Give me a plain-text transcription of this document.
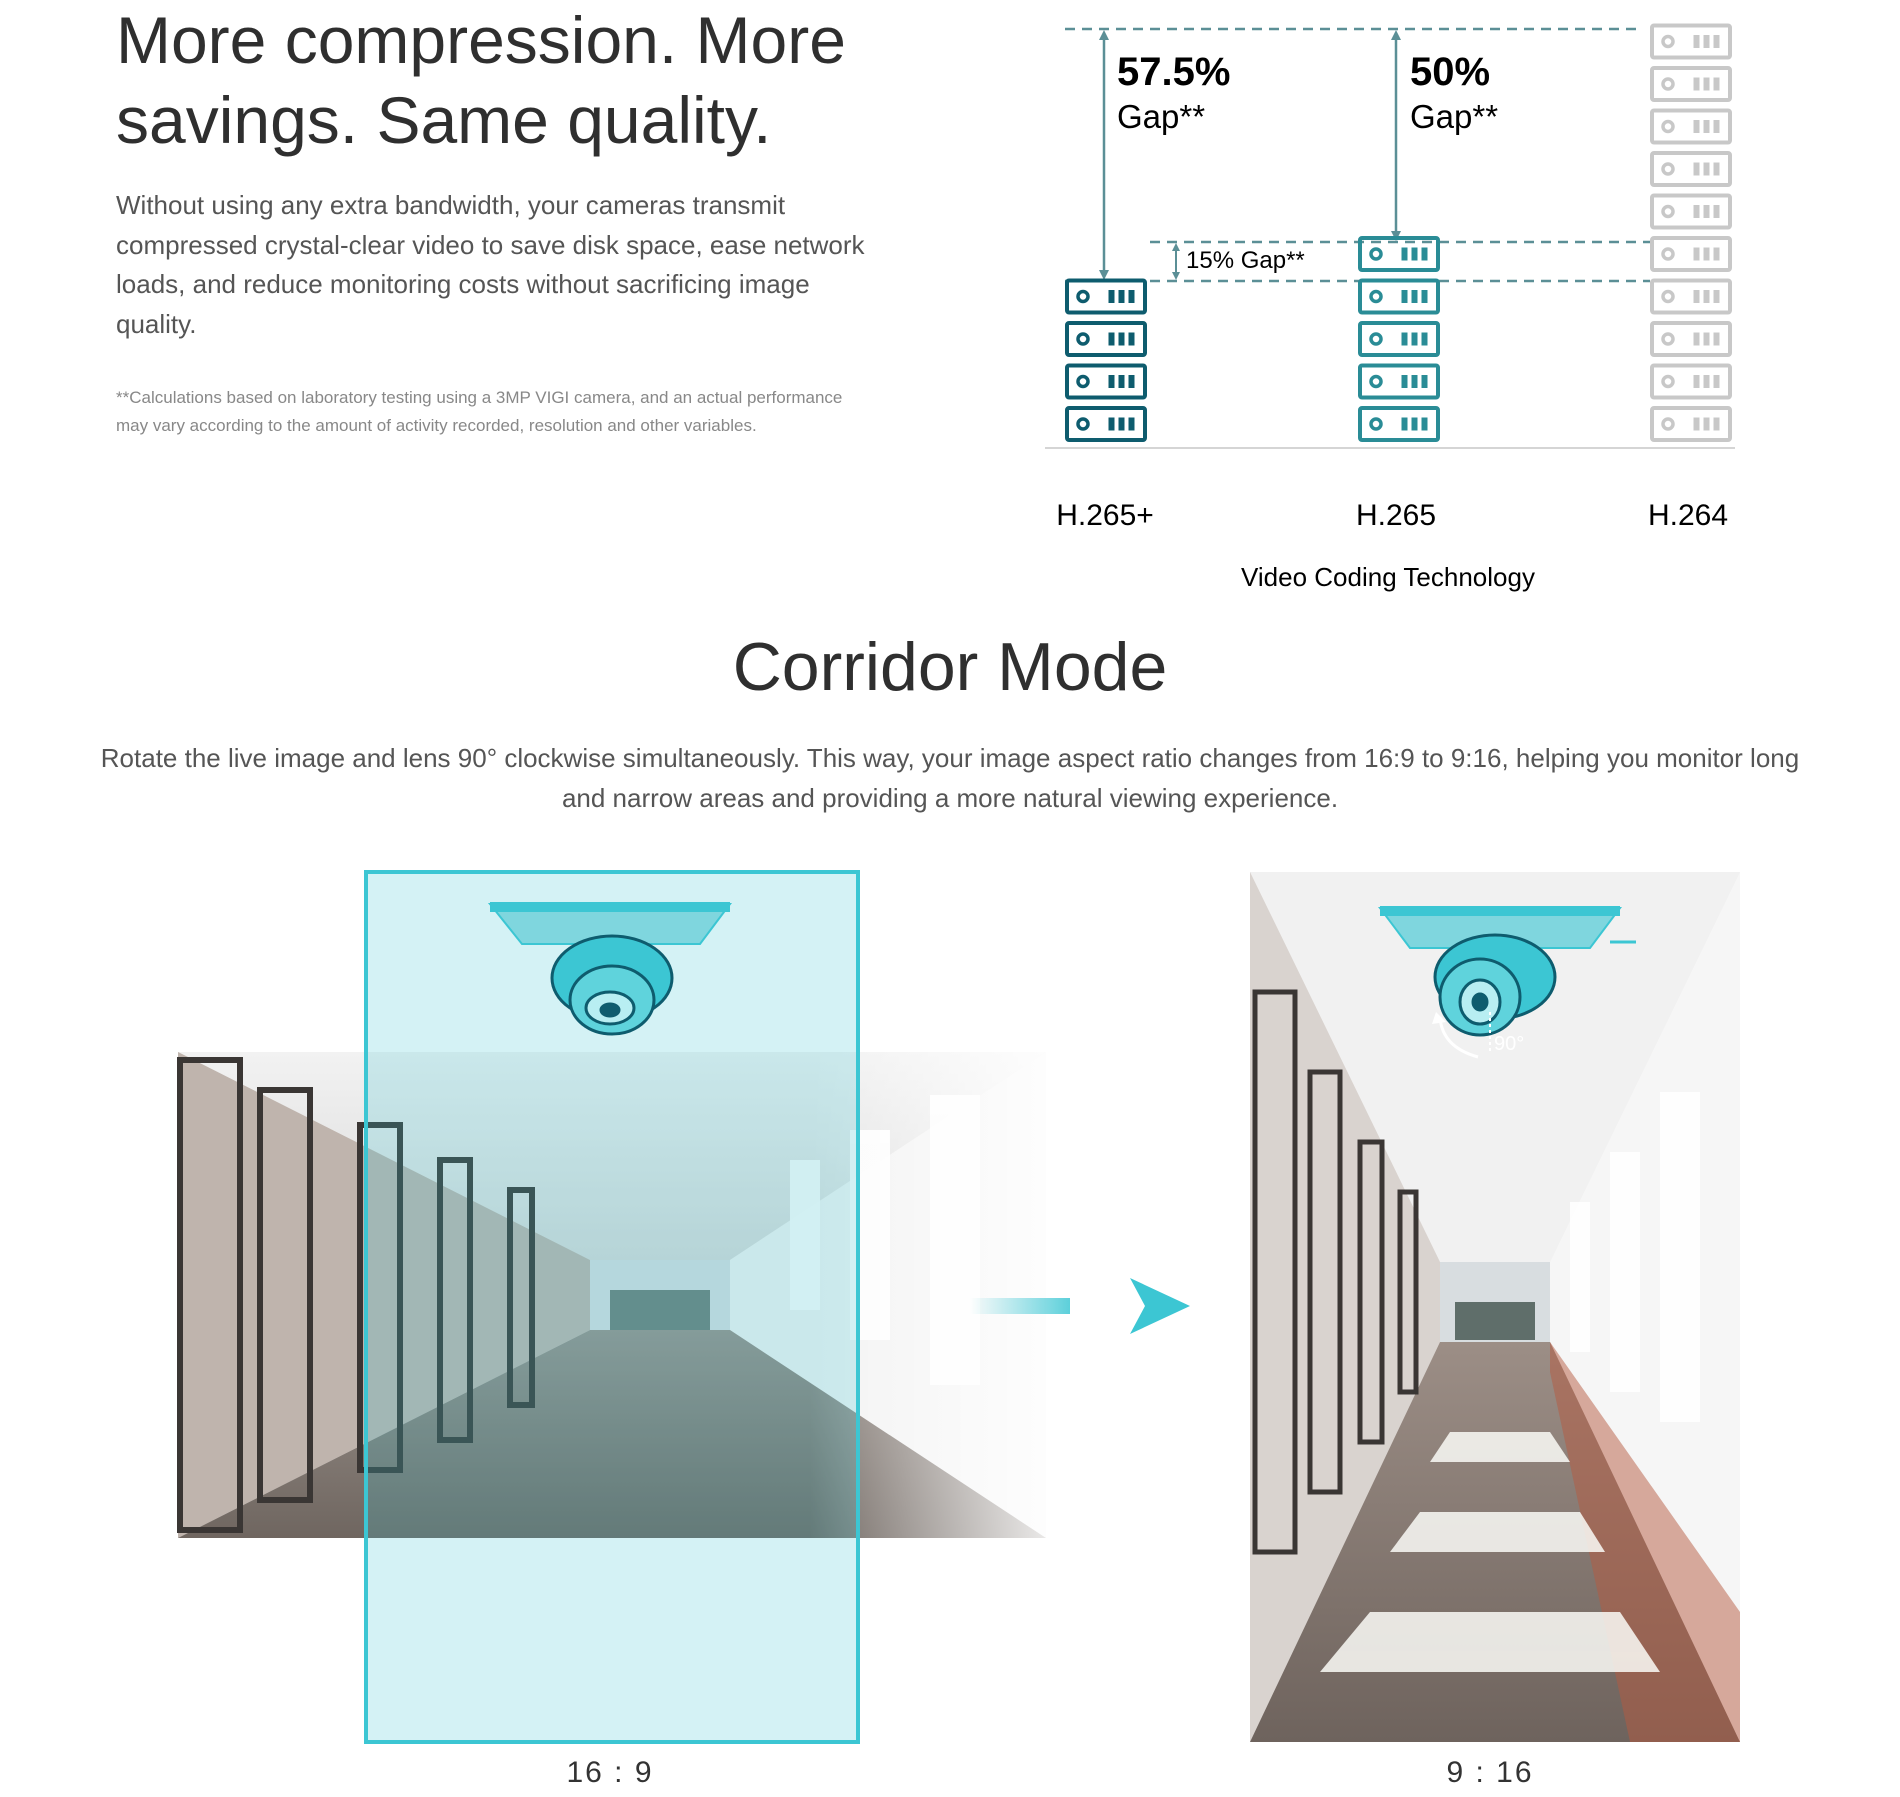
More compression. More savings. Same quality.
Without using any extra bandwidth, your cameras transmit compressed crystal-clear video to save disk space, ease network loads, and reduce monitoring costs without sacrificing image quality.
**Calculations based on laboratory testing using a 3MP VIGI camera, and an actual performance may vary according to the amount of activity recorded, resolution and other variables.
57.5%
Gap**
50%
Gap**
15% Gap**
H.265+	H.265	H.264
Video Coding Technology
Corridor Mode
Rotate the live image and lens 90° clockwise simultaneously. This way, your image aspect ratio changes from 16:9 to 9:16, helping you monitor long and narrow areas and providing a more natural viewing experience.
90°
16 : 9	9 : 16
